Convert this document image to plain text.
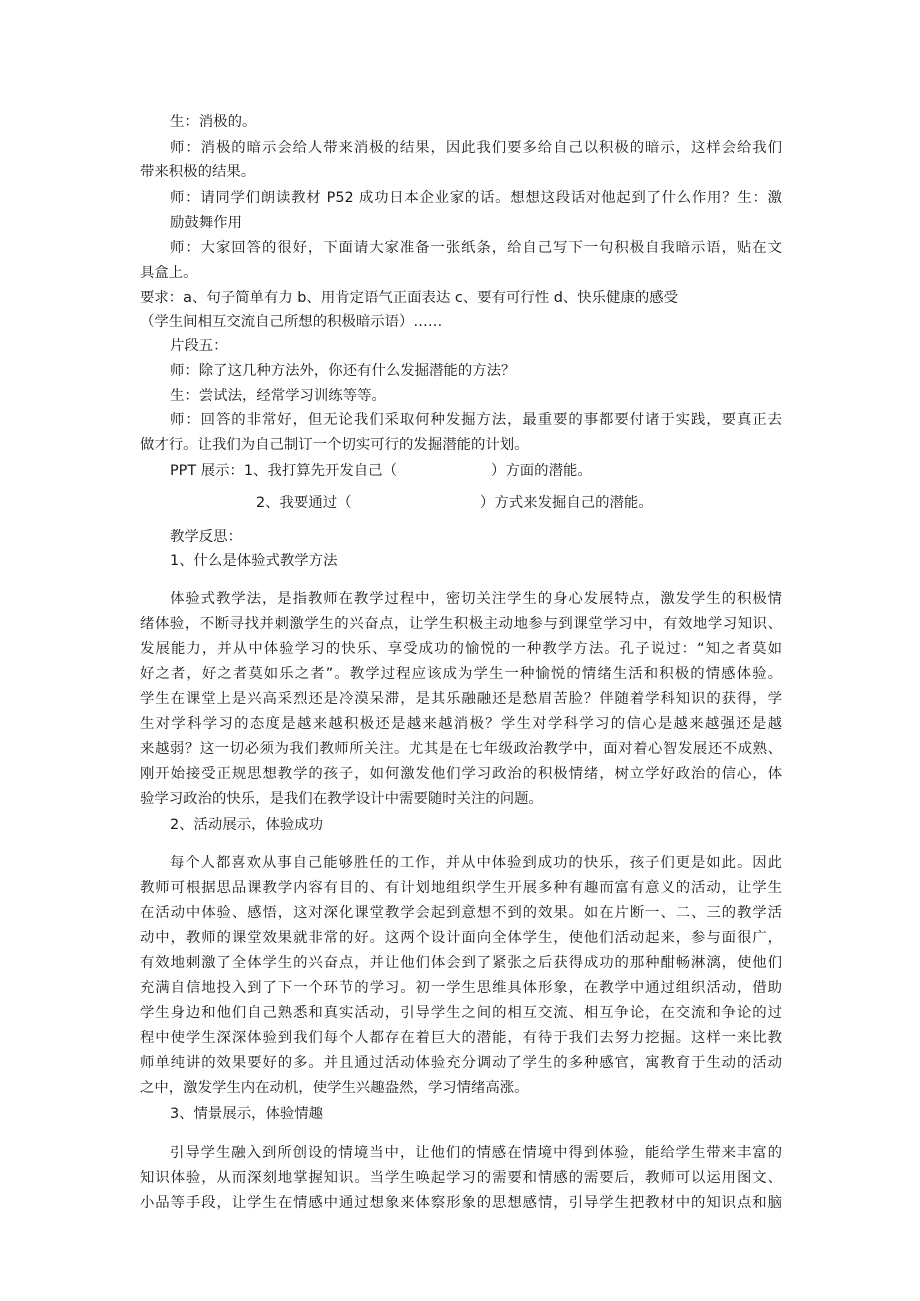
生：消极的。
师：消极的暗示会给人带来消极的结果，因此我们要多给自己以积极的暗示，这样会给我们
带来积极的结果。
师：请同学们朗读教材 P52 成功日本企业家的话。想想这段话对他起到了什么作用？生：激
励鼓舞作用
师：大家回答的很好，下面请大家准备一张纸条，给自己写下一句积极自我暗示语，贴在文
具盒上。
要求：a、句子简单有力 b、用肯定语气正面表达 c、要有可行性 d、快乐健康的感受
（学生间相互交流自己所想的积极暗示语）……
片段五：
师：除了这几种方法外，你还有什么发掘潜能的方法？
生：尝试法，经常学习训练等等。
师：回答的非常好，但无论我们采取何种发掘方法，最重要的事都要付诸于实践，要真正去
做才行。让我们为自己制订一个切实可行的发掘潜能的计划。
PPT 展示：1、我打算先开发自己（	）方面的潜能。
2、我要通过（	）方式来发掘自己的潜能。
教学反思：
1、什么是体验式教学方法
体验式教学法，是指教师在教学过程中，密切关注学生的身心发展特点，激发学生的积极情
绪体验，不断寻找并刺激学生的兴奋点，让学生积极主动地参与到课堂学习中，有效地学习知识、
发展能力，并从中体验学习的快乐、享受成功的愉悦的一种教学方法。孔子说过：“知之者莫如
好之者，好之者莫如乐之者”。教学过程应该成为学生一种愉悦的情绪生活和积极的情感体验。
学生在课堂上是兴高采烈还是冷漠呆滞，是其乐融融还是愁眉苦脸？伴随着学科知识的获得，学
生对学科学习的态度是越来越积极还是越来越消极？学生对学科学习的信心是越来越强还是越
来越弱？这一切必须为我们教师所关注。尤其是在七年级政治教学中，面对着心智发展还不成熟、
刚开始接受正规思想教学的孩子，如何激发他们学习政治的积极情绪，树立学好政治的信心，体
验学习政治的快乐，是我们在教学设计中需要随时关注的问题。
2、活动展示，体验成功
每个人都喜欢从事自己能够胜任的工作，并从中体验到成功的快乐，孩子们更是如此。因此
教师可根据思品课教学内容有目的、有计划地组织学生开展多种有趣而富有意义的活动，让学生
在活动中体验、感悟，这对深化课堂教学会起到意想不到的效果。如在片断一、二、三的教学活
动中，教师的课堂效果就非常的好。这两个设计面向全体学生，使他们活动起来，参与面很广，
有效地刺激了全体学生的兴奋点，并让他们体会到了紧张之后获得成功的那种酣畅淋漓，使他们
充满自信地投入到了下一个环节的学习。初一学生思维具体形象，在教学中通过组织活动，借助
学生身边和他们自己熟悉和真实活动，引导学生之间的相互交流、相互争论，在交流和争论的过
程中使学生深深体验到我们每个人都存在着巨大的潜能，有待于我们去努力挖掘。这样一来比教
师单纯讲的效果要好的多。并且通过活动体验充分调动了学生的多种感官，寓教育于生动的活动
之中，激发学生内在动机，使学生兴趣盎然，学习情绪高涨。
3、情景展示，体验情趣
引导学生融入到所创设的情境当中，让他们的情感在情境中得到体验，能给学生带来丰富的
知识体验，从而深刻地掌握知识。当学生唤起学习的需要和情感的需要后，教师可以运用图文、
小品等手段，让学生在情感中通过想象来体察形象的思想感情，引导学生把教材中的知识点和脑
